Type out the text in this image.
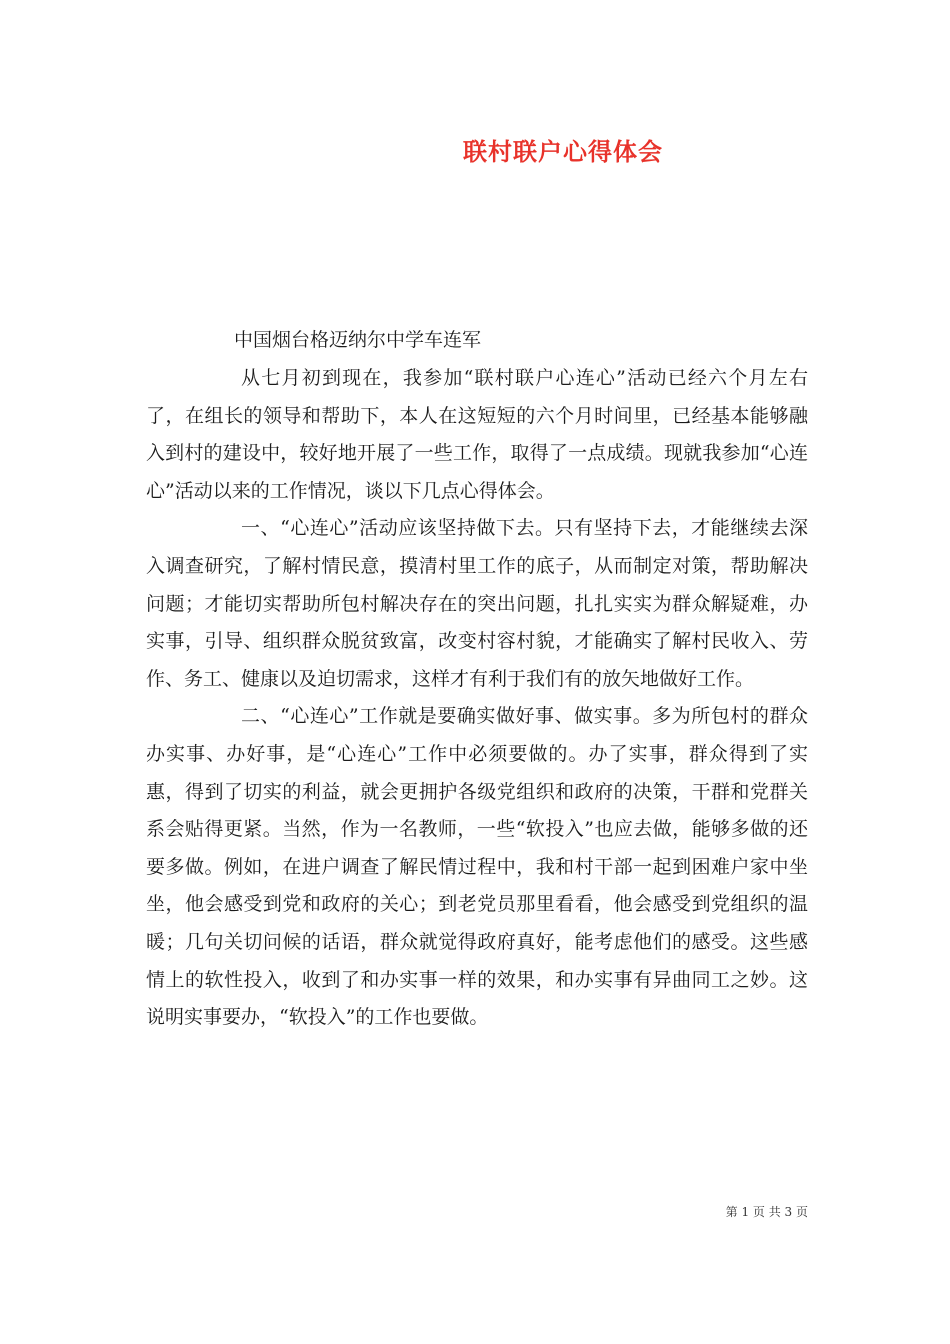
联村联户心得体会

中国烟台格迈纳尔中学车连军

从七月初到现在，我参加“联村联户心连心”活动已经六个月左右了，在组长的领导和帮助下，本人在这短短的六个月时间里，已经基本能够融入到村的建设中，较好地开展了一些工作，取得了一点成绩。现就我参加“心连心”活动以来的工作情况，谈以下几点心得体会。

一、“心连心”活动应该坚持做下去。只有坚持下去，才能继续去深入调查研究，了解村情民意，摸清村里工作的底子，从而制定对策，帮助解决问题；才能切实帮助所包村解决存在的突出问题，扎扎实实为群众解疑难，办实事，引导、组织群众脱贫致富，改变村容村貌，才能确实了解村民收入、劳作、务工、健康以及迫切需求，这样才有利于我们有的放矢地做好工作。

二、“心连心”工作就是要确实做好事、做实事。多为所包村的群众办实事、办好事，是“心连心”工作中必须要做的。办了实事，群众得到了实惠，得到了切实的利益，就会更拥护各级党组织和政府的决策，干群和党群关系会贴得更紧。当然，作为一名教师，一些“软投入”也应去做，能够多做的还要多做。例如，在进户调查了解民情过程中，我和村干部一起到困难户家中坐坐，他会感受到党和政府的关心；到老党员那里看看，他会感受到党组织的温暖；几句关切问候的话语，群众就觉得政府真好，能考虑他们的感受。这些感情上的软性投入，收到了和办实事一样的效果，和办实事有异曲同工之妙。这说明实事要办，“软投入”的工作也要做。

第 1 页 共 3 页
